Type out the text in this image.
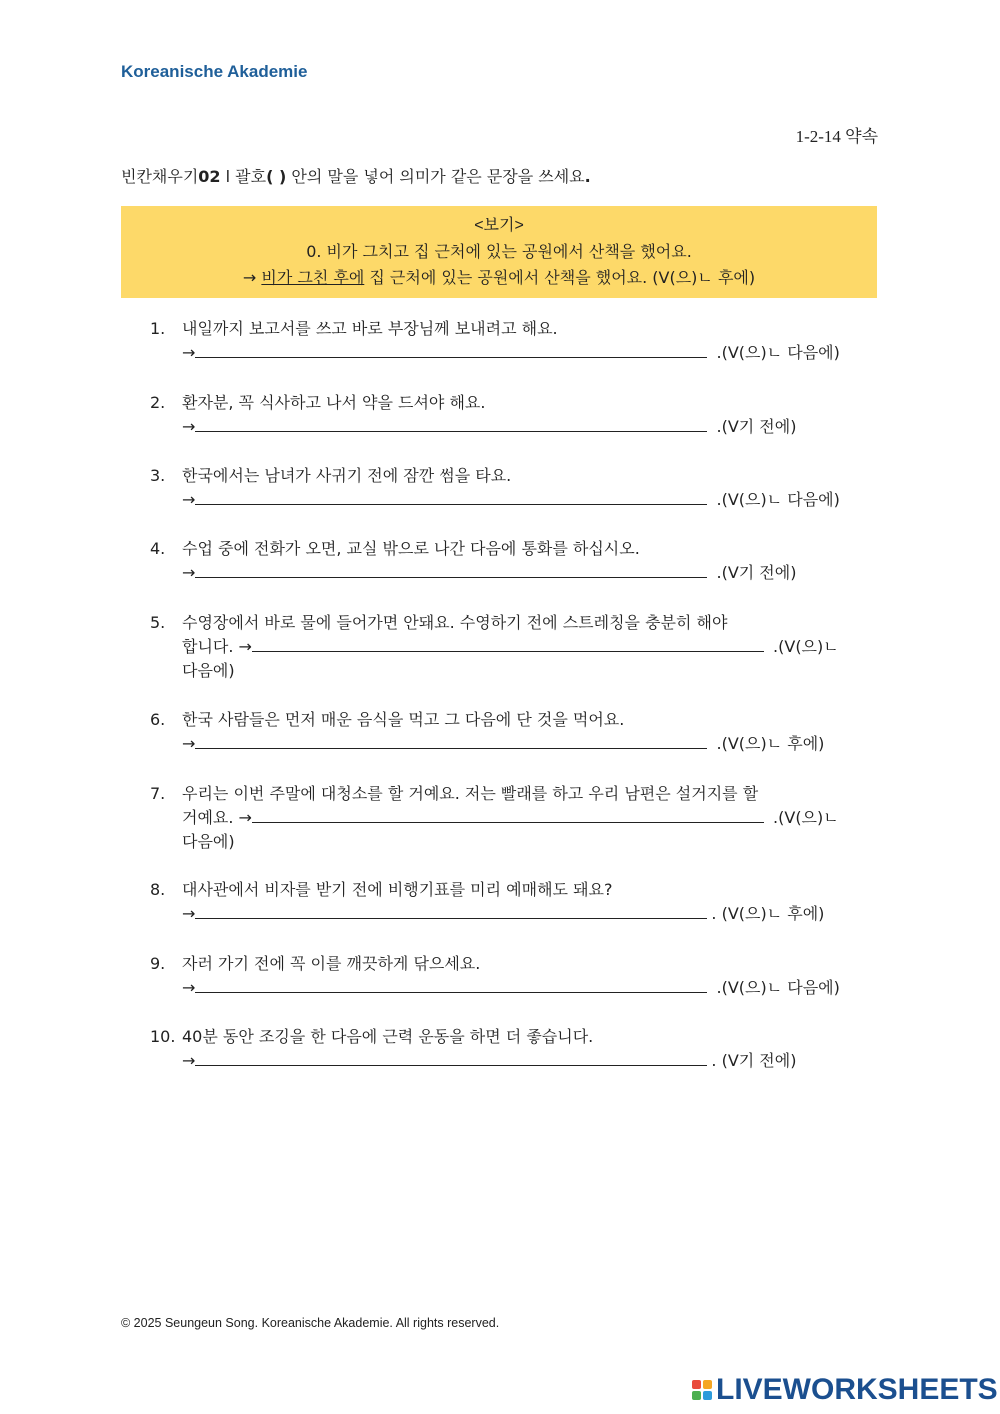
Koreanische Akademie
1-2-14 약속
빈칸채우기02 l 괄호( ) 안의 말을 넣어 의미가 같은 문장을 쓰세요.
<보기>
0. 비가 그치고 집 근처에 있는 공원에서 산책을 했어요.
→ 비가 그친 후에 집 근처에 있는 공원에서 산책을 했어요. (V(으)ㄴ 후에)
1. 내일까지 보고서를 쓰고 바로 부장님께 보내려고 해요.
→	.(V(으)ㄴ 다음에)
2. 환자분, 꼭 식사하고 나서 약을 드셔야 해요.
→	.(V기 전에)
3. 한국에서는 남녀가 사귀기 전에 잠깐 썸을 타요.
→	.(V(으)ㄴ 다음에)
4. 수업 중에 전화가 오면, 교실 밖으로 나간 다음에 통화를 하십시오.
→	.(V기 전에)
5. 수영장에서 바로 물에 들어가면 안돼요. 수영하기 전에 스트레칭을 충분히 해야
합니다. →	.(V(으)ㄴ
다음에)
6. 한국 사람들은 먼저 매운 음식을 먹고 그 다음에 단 것을 먹어요.
→	.(V(으)ㄴ 후에)
7. 우리는 이번 주말에 대청소를 할 거예요. 저는 빨래를 하고 우리 남편은 설거지를 할
거예요. →	.(V(으)ㄴ
다음에)
8. 대사관에서 비자를 받기 전에 비행기표를 미리 예매해도 돼요?
→	. (V(으)ㄴ 후에)
9. 자러 가기 전에 꼭 이를 깨끗하게 닦으세요.
→	.(V(으)ㄴ 다음에)
10. 40분 동안 조깅을 한 다음에 근력 운동을 하면 더 좋습니다.
→	. (V기 전에)
© 2025 Seungeun Song. Koreanische Akademie. All rights reserved.
LIVEWORKSHEETS
